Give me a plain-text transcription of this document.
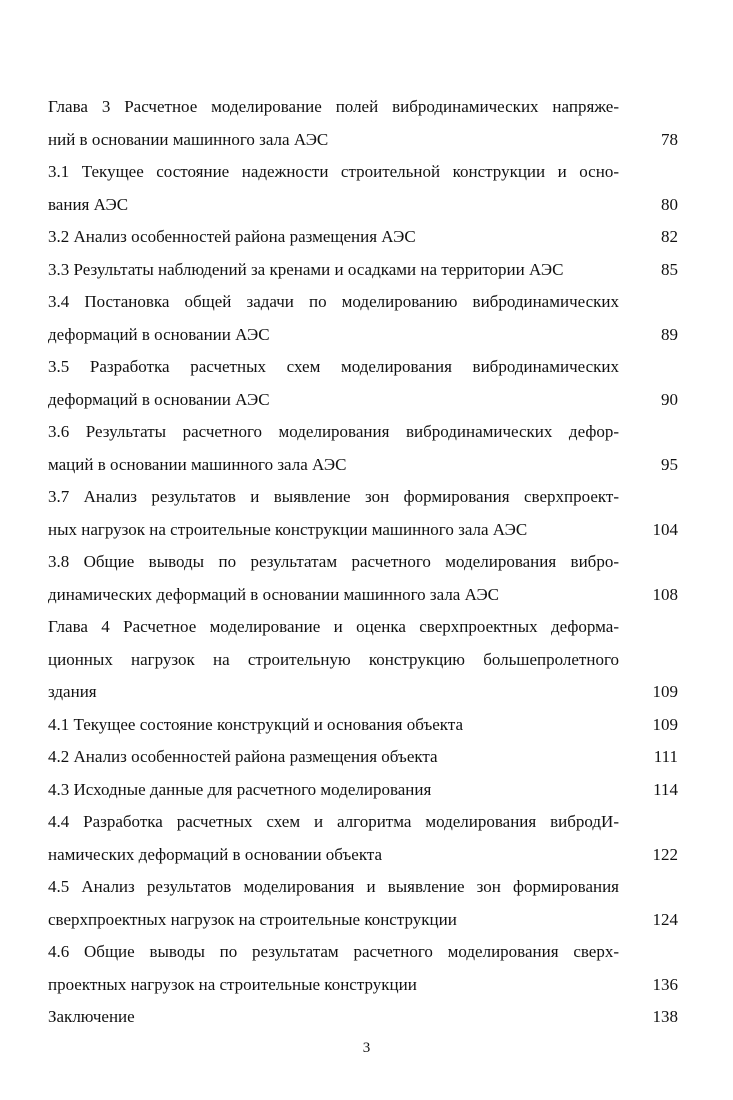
Глава 3 Расчетное моделирование полей вибродинамических напряже-
ний в основании машинного зала АЭС	78
3.1 Текущее состояние надежности строительной конструкции и осно-
вания АЭС	80
3.2 Анализ особенностей района размещения АЭС	82
3.3 Результаты наблюдений за кренами и осадками на территории АЭС	85
3.4 Постановка общей задачи по моделированию вибродинамических
деформаций в основании АЭС	89
3.5 Разработка расчетных схем моделирования вибродинамических
деформаций в основании АЭС	90
3.6 Результаты расчетного моделирования вибродинамических дефор-
маций в основании машинного зала АЭС	95
3.7 Анализ результатов и выявление зон формирования сверхпроект-
ных нагрузок на строительные конструкции машинного зала АЭС	104
3.8 Общие выводы по результатам расчетного моделирования вибро-
динамических деформаций в основании машинного зала АЭС	108
Глава 4 Расчетное моделирование и оценка сверхпроектных деформа-
ционных нагрузок на строительную конструкцию большепролетного
здания	109
4.1 Текущее состояние конструкций и основания объекта	109
4.2 Анализ особенностей района размещения объекта	111
4.3 Исходные данные для расчетного моделирования	114
4.4 Разработка расчетных схем и алгоритма моделирования вибродИ-
намических деформаций в основании объекта	122
4.5 Анализ результатов моделирования и выявление зон формирования
сверхпроектных нагрузок на строительные конструкции	124
4.6 Общие выводы по результатам расчетного моделирования сверх-
проектных нагрузок на строительные конструкции	136
Заключение	138
3
